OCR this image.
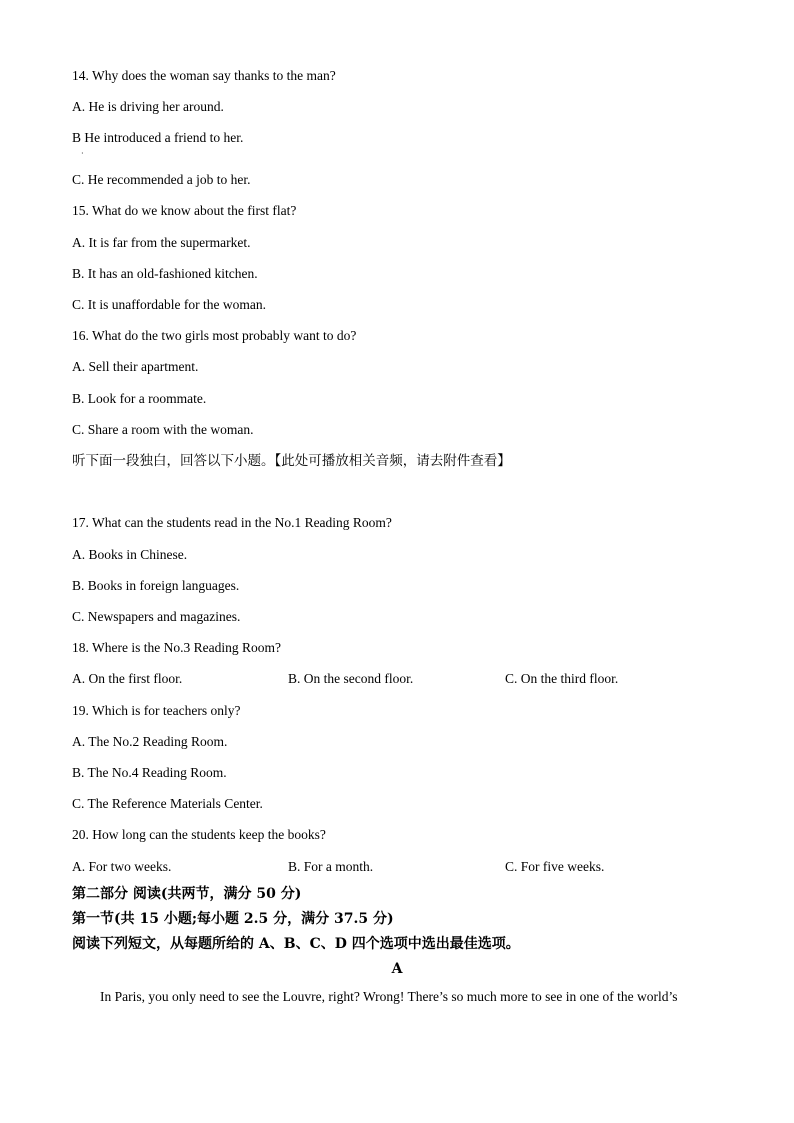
14. Why does the woman say thanks to the man?
A. He is driving her around.
B He introduced a friend to her.
·
C. He recommended a job to her.
15. What do we know about the first flat?
A. It is far from the supermarket.
B. It has an old-fashioned kitchen.
C. It is unaffordable for the woman.
16. What do the two girls most probably want to do?
A. Sell their apartment.
B. Look for a roommate.
C. Share a room with the woman.
听下面一段独白，回答以下小题。【此处可播放相关音频，请去附件查看】
17. What can the students read in the No.1 Reading Room?
A. Books in Chinese.
B. Books in foreign languages.
C. Newspapers and magazines.
18. Where is the No.3 Reading Room?
A. On the first floor.	B. On the second floor.	C. On the third floor.
19. Which is for teachers only?
A. The No.2 Reading Room.
B. The No.4 Reading Room.
C. The Reference Materials Center.
20. How long can the students keep the books?
A. For two weeks.	B. For a month.	C. For five weeks.
第二部分 阅读(共两节，满分 50 分)
第一节(共 15 小题;每小题 2.5 分，满分 37.5 分)
阅读下列短文，从每题所给的 A、B、C、D 四个选项中选出最佳选项。
A
In Paris, you only need to see the Louvre, right? Wrong! There’s so much more to see in one of the world’s
